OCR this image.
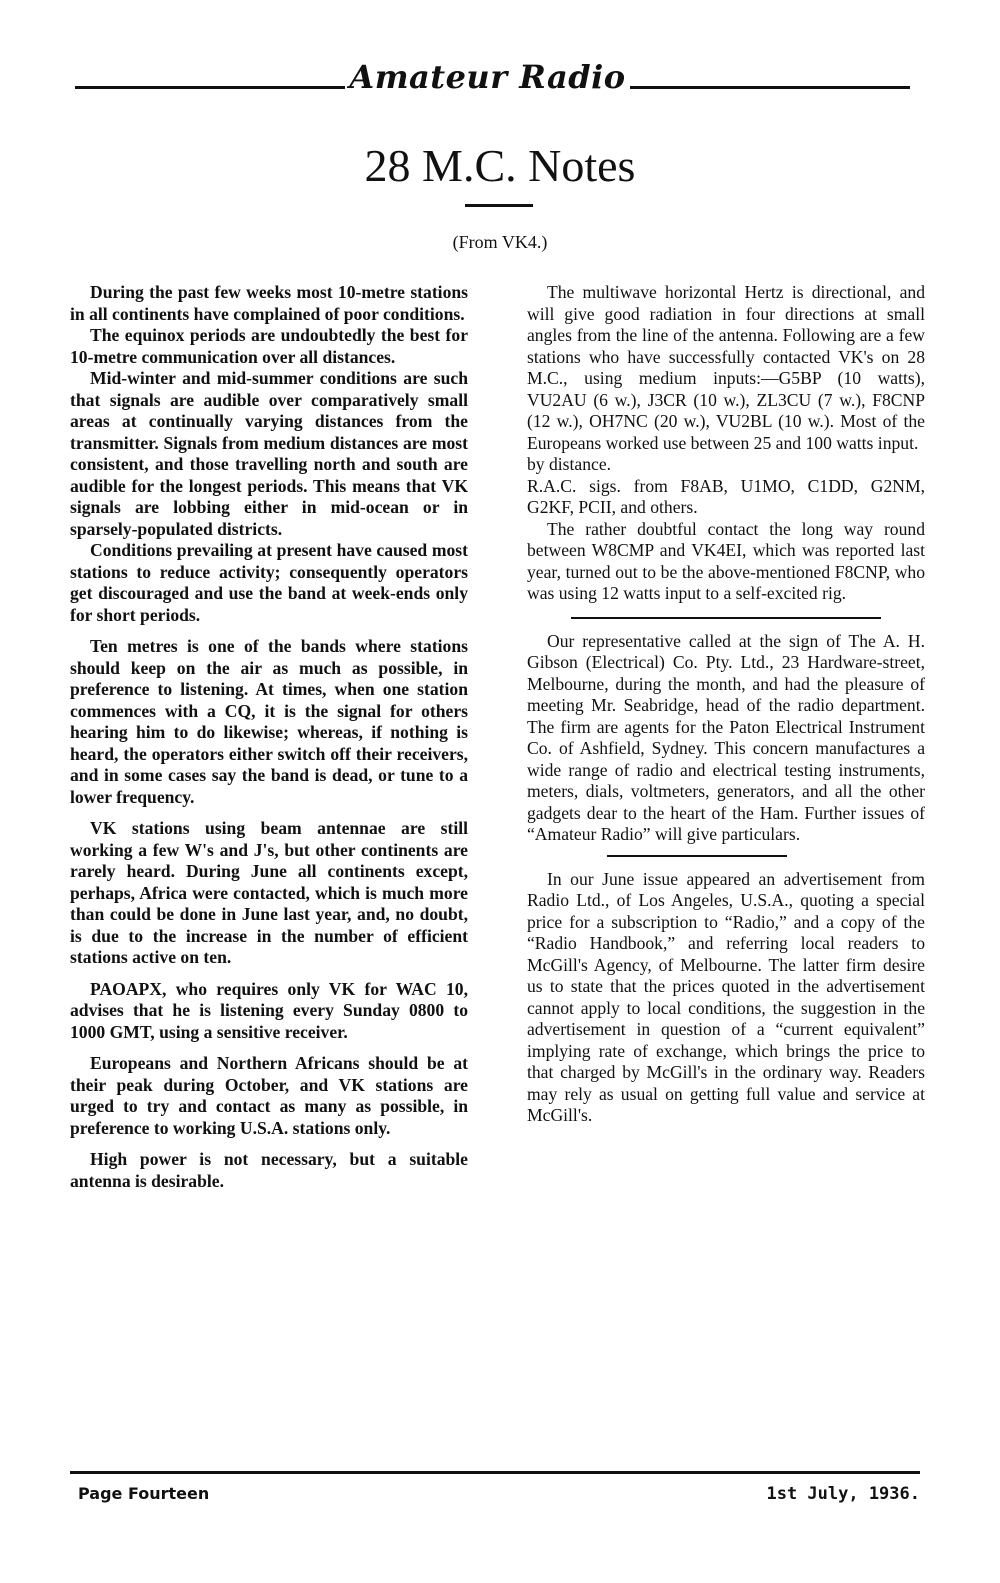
Amateur Radio
28 M.C. Notes
(From VK4.)

During the past few weeks most 10-metre stations in all continents have complained of poor conditions.

The equinox periods are undoubtedly the best for 10-metre communication over all distances.

Mid-winter and mid-summer conditions are such that signals are audible over comparatively small areas at continually varying distances from the transmitter. Signals from medium distances are most consistent, and those travelling north and south are audible for the longest periods. This means that VK signals are lobbing either in mid-ocean or in sparsely-populated districts.

Conditions prevailing at present have caused most stations to reduce activity; consequently operators get discouraged and use the band at week-ends only for short periods.

Ten metres is one of the bands where stations should keep on the air as much as possible, in preference to listening. At times, when one station commences with a CQ, it is the signal for others hearing him to do likewise; whereas, if nothing is heard, the operators either switch off their receivers, and in some cases say the band is dead, or tune to a lower frequency.

VK stations using beam antennae are still working a few W's and J's, but other continents are rarely heard. During June all continents except, perhaps, Africa were contacted, which is much more than could be done in June last year, and, no doubt, is due to the increase in the number of efficient stations active on ten.

PAOAPX, who requires only VK for WAC 10, advises that he is listening every Sunday 0800 to 1000 GMT, using a sensitive receiver.

Europeans and Northern Africans should be at their peak during October, and VK stations are urged to try and contact as many as possible, in preference to working U.S.A. stations only.

High power is not necessary, but a suitable antenna is desirable.

The multiwave horizontal Hertz is directional, and will give good radiation in four directions at small angles from the line of the antenna. Following are a few stations who have successfully contacted VK's on 28 M.C., using medium inputs:—G5BP (10 watts), VU2AU (6 w.), J3CR (10 w.), ZL3CU (7 w.), F8CNP (12 w.), OH7NC (20 w.), VU2BL (10 w.). Most of the Europeans worked use between 25 and 100 watts input.

by distance.

R.A.C. sigs. from F8AB, U1MO, C1DD, G2NM, G2KF, PCII, and others.

The rather doubtful contact the long way round between W8CMP and VK4EI, which was reported last year, turned out to be the above-mentioned F8CNP, who was using 12 watts input to a self-excited rig.

Our representative called at the sign of The A. H. Gibson (Electrical) Co. Pty. Ltd., 23 Hardware-street, Melbourne, during the month, and had the pleasure of meeting Mr. Seabridge, head of the radio department. The firm are agents for the Paton Electrical Instrument Co. of Ashfield, Sydney. This concern manufactures a wide range of radio and electrical testing instruments, meters, dials, voltmeters, generators, and all the other gadgets dear to the heart of the Ham. Further issues of “Amateur Radio” will give particulars.

In our June issue appeared an advertisement from Radio Ltd., of Los Angeles, U.S.A., quoting a special price for a subscription to “Radio,” and a copy of the “Radio Handbook,” and referring local readers to McGill's Agency, of Melbourne. The latter firm desire us to state that the prices quoted in the advertisement cannot apply to local conditions, the suggestion in the advertisement in question of a “current equivalent” implying rate of exchange, which brings the price to that charged by McGill's in the ordinary way. Readers may rely as usual on getting full value and service at McGill's.

Page Fourteen	1st July, 1936.
